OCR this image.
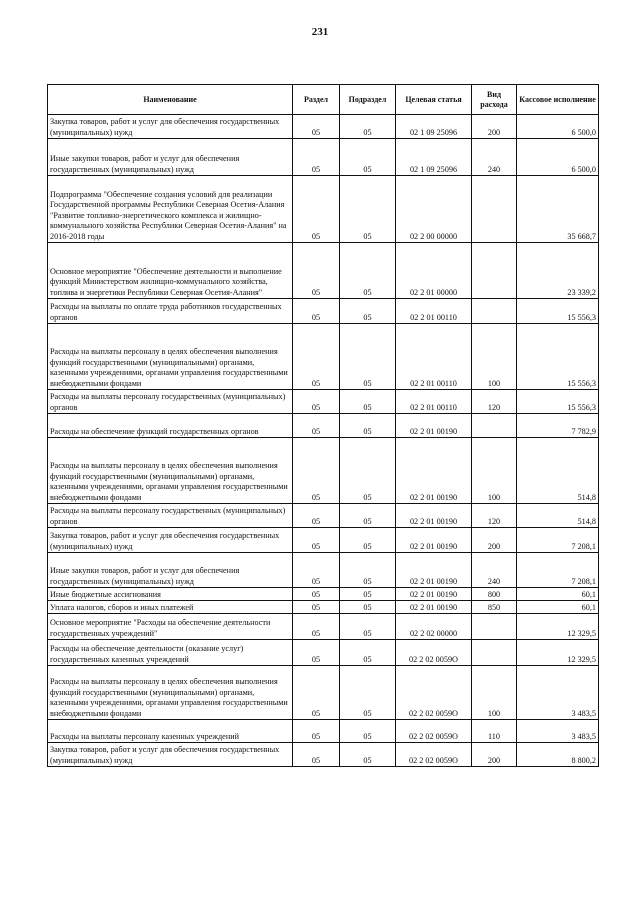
231
Наименование	Раздел	Подраздел	Целевая статья	Вид расхода	Кассовое исполнение
Закупка товаров, работ и услуг для обеспечения государственных (муниципальных) нужд	05	05	02 1 09 25096	200	6 500,0
Иные закупки товаров, работ и услуг для обеспечения государственных (муниципальных) нужд	05	05	02 1 09 25096	240	6 500,0
Подпрограмма "Обеспечение создания условий для реализации Государственной программы Республики Северная Осетия-Алания "Развитие топливно-энергетического комплекса и жилищно-коммунального хозяйства Республики Северная Осетия-Алания" на 2016-2018 годы	05	05	02 2 00 00000		35 668,7
Основное мероприятие "Обеспечение деятельности и выполнение функций Министерством жилищно-коммунального хозяйства, топлива и энергетики Республики Северная Осетия-Алания"	05	05	02 2 01 00000		23 339,2
Расходы на выплаты по оплате труда работников государственных органов	05	05	02 2 01 00110		15 556,3
Расходы на выплаты персоналу в целях обеспечения выполнения функций государственными (муниципальными) органами, казенными учреждениями, органами управления государственными внебюджетными фондами	05	05	02 2 01 00110	100	15 556,3
Расходы на выплаты персоналу государственных (муниципальных) органов	05	05	02 2 01 00110	120	15 556,3
Расходы на обеспечение функций государственных органов	05	05	02 2 01 00190		7 782,9
Расходы на выплаты персоналу в целях обеспечения выполнения функций государственными (муниципальными) органами, казенными учреждениями, органами управления государственными внебюджетными фондами	05	05	02 2 01 00190	100	514,8
Расходы на выплаты персоналу государственных (муниципальных) органов	05	05	02 2 01 00190	120	514,8
Закупка товаров, работ и услуг для обеспечения государственных (муниципальных) нужд	05	05	02 2 01 00190	200	7 208,1
Иные закупки товаров, работ и услуг для обеспечения государственных (муниципальных) нужд	05	05	02 2 01 00190	240	7 208,1
Иные бюджетные ассигнования	05	05	02 2 01 00190	800	60,1
Уплата налогов, сборов и иных платежей	05	05	02 2 01 00190	850	60,1
Основное мероприятие "Расходы на обеспечение деятельности государственных учреждений"	05	05	02 2 02 00000		12 329,5
Расходы на обеспечение деятельности (оказание услуг) государственных казенных учреждений	05	05	02 2 02 0059О		12 329,5
Расходы на выплаты персоналу в целях обеспечения выполнения функций государственными (муниципальными) органами, казенными учреждениями, органами управления государственными внебюджетными фондами	05	05	02 2 02 0059О	100	3 483,5
Расходы на выплаты персоналу казенных учреждений	05	05	02 2 02 0059О	110	3 483,5
Закупка товаров, работ и услуг для обеспечения государственных (муниципальных) нужд	05	05	02 2 02 0059О	200	8 800,2
